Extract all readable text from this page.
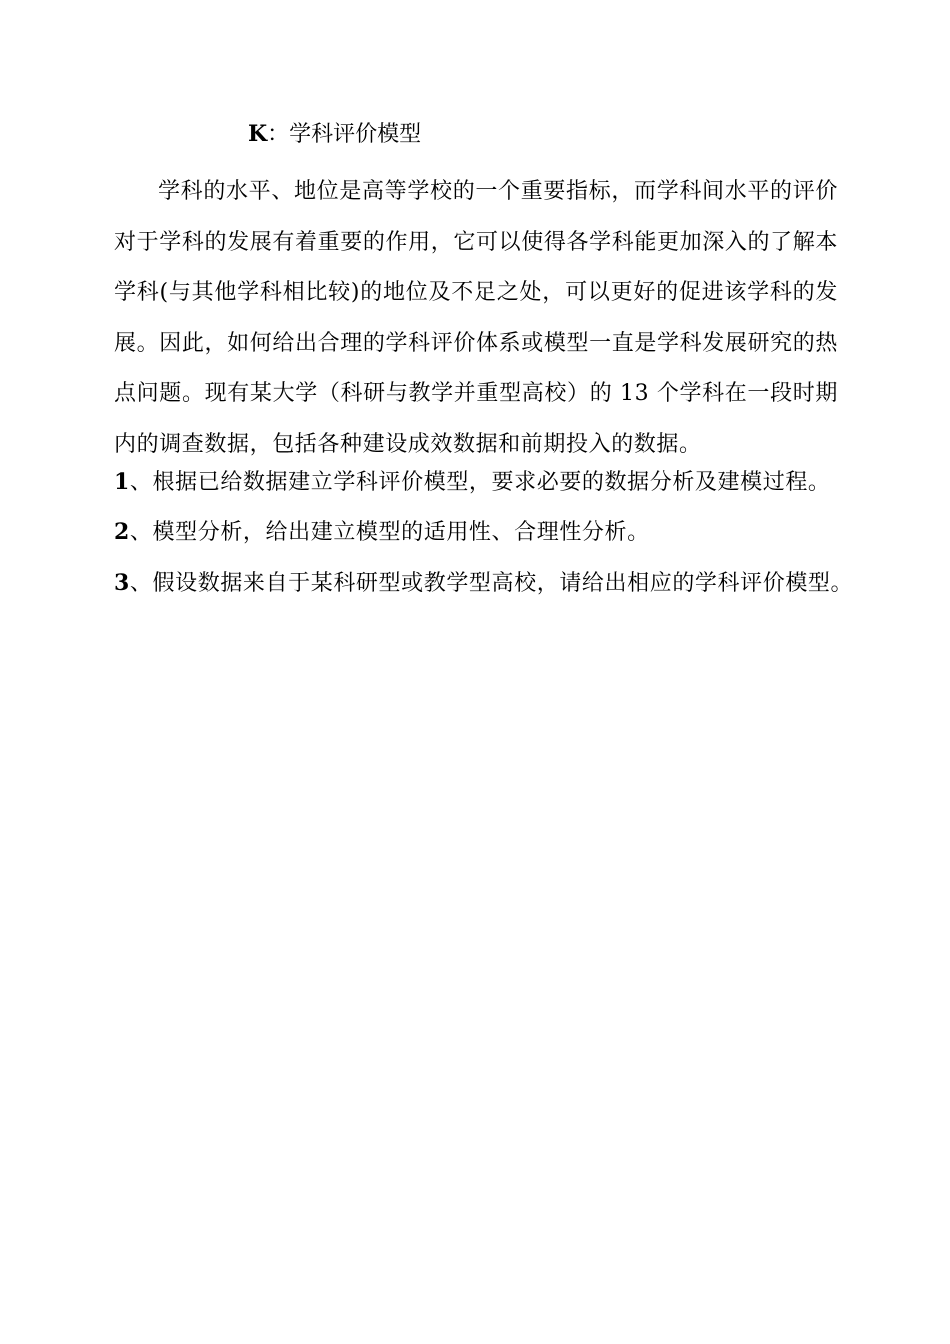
K：学科评价模型
学科的水平、地位是高等学校的一个重要指标，而学科间水平的评价对于学科的发展有着重要的作用，它可以使得各学科能更加深入的了解本学科(与其他学科相比较)的地位及不足之处，可以更好的促进该学科的发展。因此，如何给出合理的学科评价体系或模型一直是学科发展研究的热点问题。现有某大学（科研与教学并重型高校）的 13 个学科在一段时期内的调查数据，包括各种建设成效数据和前期投入的数据。
1、根据已给数据建立学科评价模型，要求必要的数据分析及建模过程。
2、模型分析，给出建立模型的适用性、合理性分析。
3、假设数据来自于某科研型或教学型高校，请给出相应的学科评价模型。
